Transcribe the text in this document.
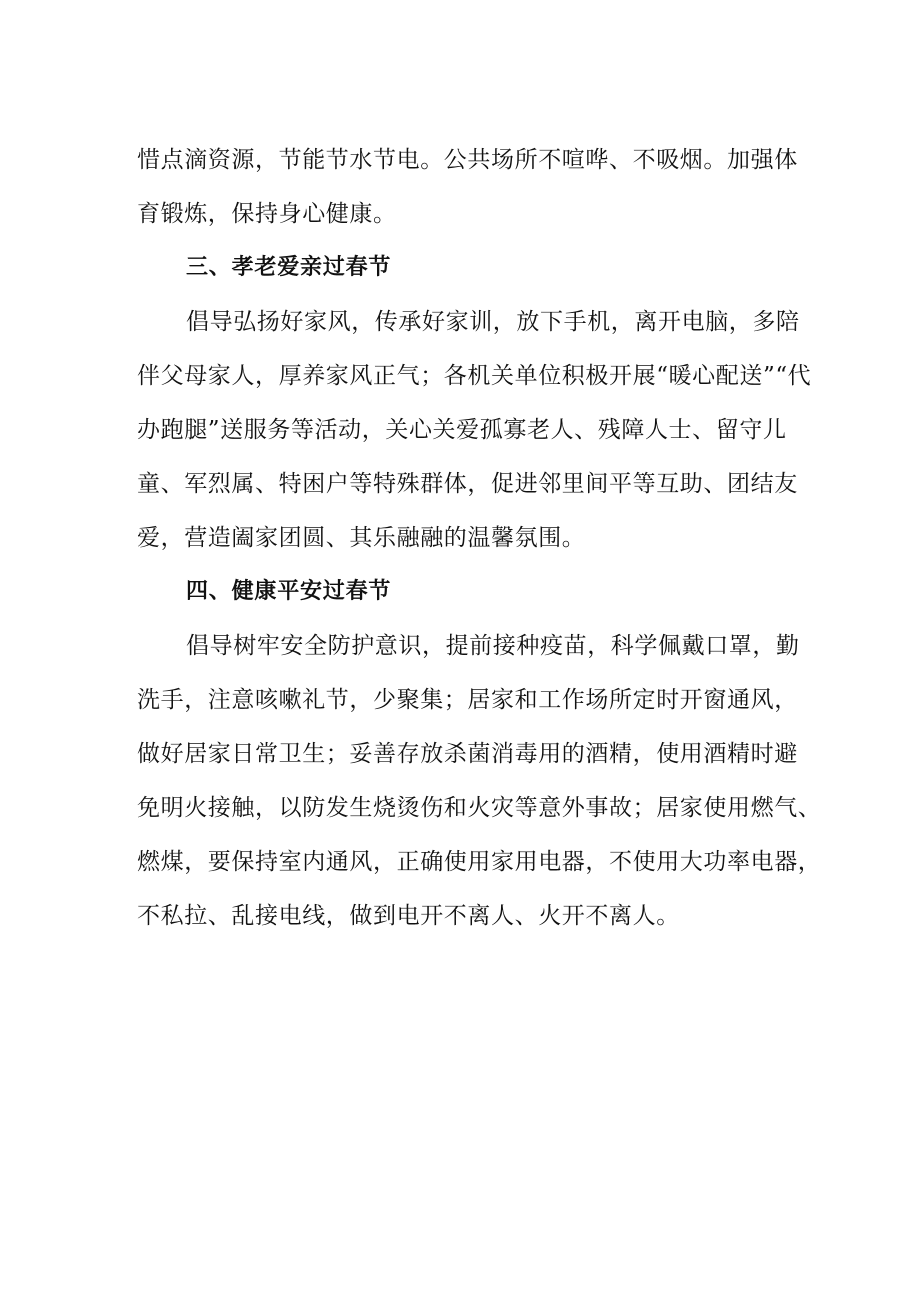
惜点滴资源，节能节水节电。公共场所不喧哗、不吸烟。加强体
育锻炼，保持身心健康。
三、孝老爱亲过春节
倡导弘扬好家风，传承好家训，放下手机，离开电脑，多陪
伴父母家人，厚养家风正气；各机关单位积极开展“暖心配送”“代
办跑腿”送服务等活动，关心关爱孤寡老人、残障人士、留守儿
童、军烈属、特困户等特殊群体，促进邻里间平等互助、团结友
爱，营造阖家团圆、其乐融融的温馨氛围。
四、健康平安过春节
倡导树牢安全防护意识，提前接种疫苗，科学佩戴口罩，勤
洗手，注意咳嗽礼节，少聚集；居家和工作场所定时开窗通风，
做好居家日常卫生；妥善存放杀菌消毒用的酒精，使用酒精时避
免明火接触，以防发生烧烫伤和火灾等意外事故；居家使用燃气、
燃煤，要保持室内通风，正确使用家用电器，不使用大功率电器，
不私拉、乱接电线，做到电开不离人、火开不离人。
